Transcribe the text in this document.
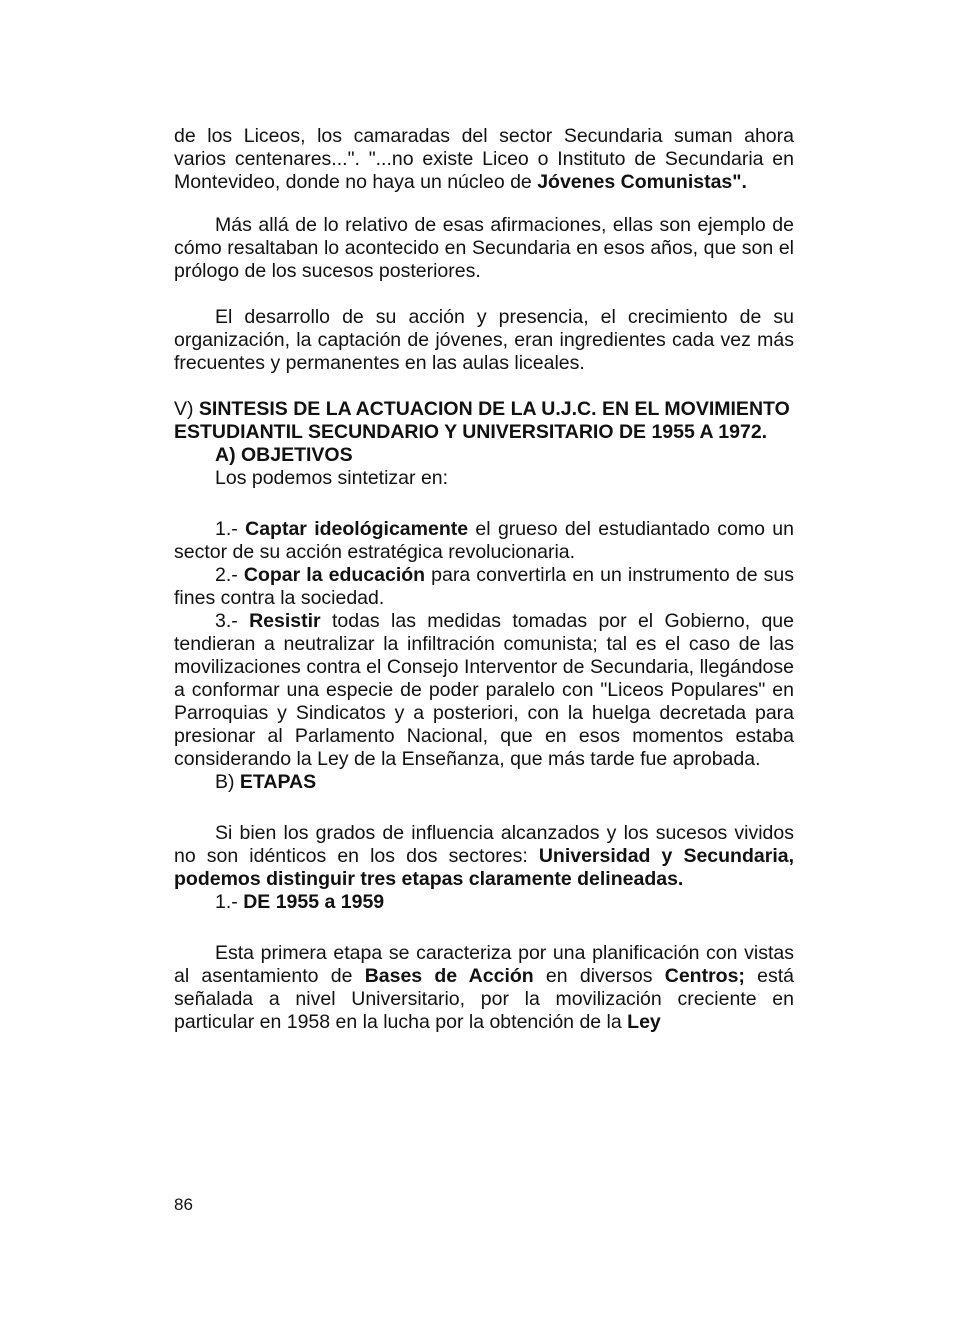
de los Liceos, los camaradas del sector Secundaria suman ahora varios centenares...". "...no existe Liceo o Instituto de Secundaria en Montevideo, donde no haya un núcleo de Jóvenes Comunistas".

Más allá de lo relativo de esas afirmaciones, ellas son ejemplo de cómo resaltaban lo acontecido en Secundaria en esos años, que son el prólogo de los sucesos posteriores.

El desarrollo de su acción y presencia, el crecimiento de su organización, la captación de jóvenes, eran ingredientes cada vez más frecuentes y permanentes en las aulas liceales.

V) SINTESIS DE LA ACTUACION DE LA U.J.C. EN EL MOVIMIENTO ESTUDIANTIL SECUNDARIO Y UNIVERSITARIO DE 1955 A 1972.

A) OBJETIVOS

Los podemos sintetizar en:

1.- Captar ideológicamente el grueso del estudiantado como un sector de su acción estratégica revolucionaria.

2.- Copar la educación para convertirla en un instrumento de sus fines contra la sociedad.

3.- Resistir todas las medidas tomadas por el Gobierno, que tendieran a neutralizar la infiltración comunista; tal es el caso de las movilizaciones contra el Consejo Interventor de Secundaria, llegándose a conformar una especie de poder paralelo con "Liceos Populares" en Parroquias y Sindicatos y a posteriori, con la huelga decretada para presionar al Parlamento Nacional, que en esos momentos estaba considerando la Ley de la Enseñanza, que más tarde fue aprobada.

B) ETAPAS

Si bien los grados de influencia alcanzados y los sucesos vividos no son idénticos en los dos sectores: Universidad y Secundaria, podemos distinguir tres etapas claramente delineadas.

1.- DE 1955 a 1959

Esta primera etapa se caracteriza por una planificación con vistas al asentamiento de Bases de Acción en diversos Centros; está señalada a nivel Universitario, por la movilización creciente en particular en 1958 en la lucha por la obtención de la Ley

86
